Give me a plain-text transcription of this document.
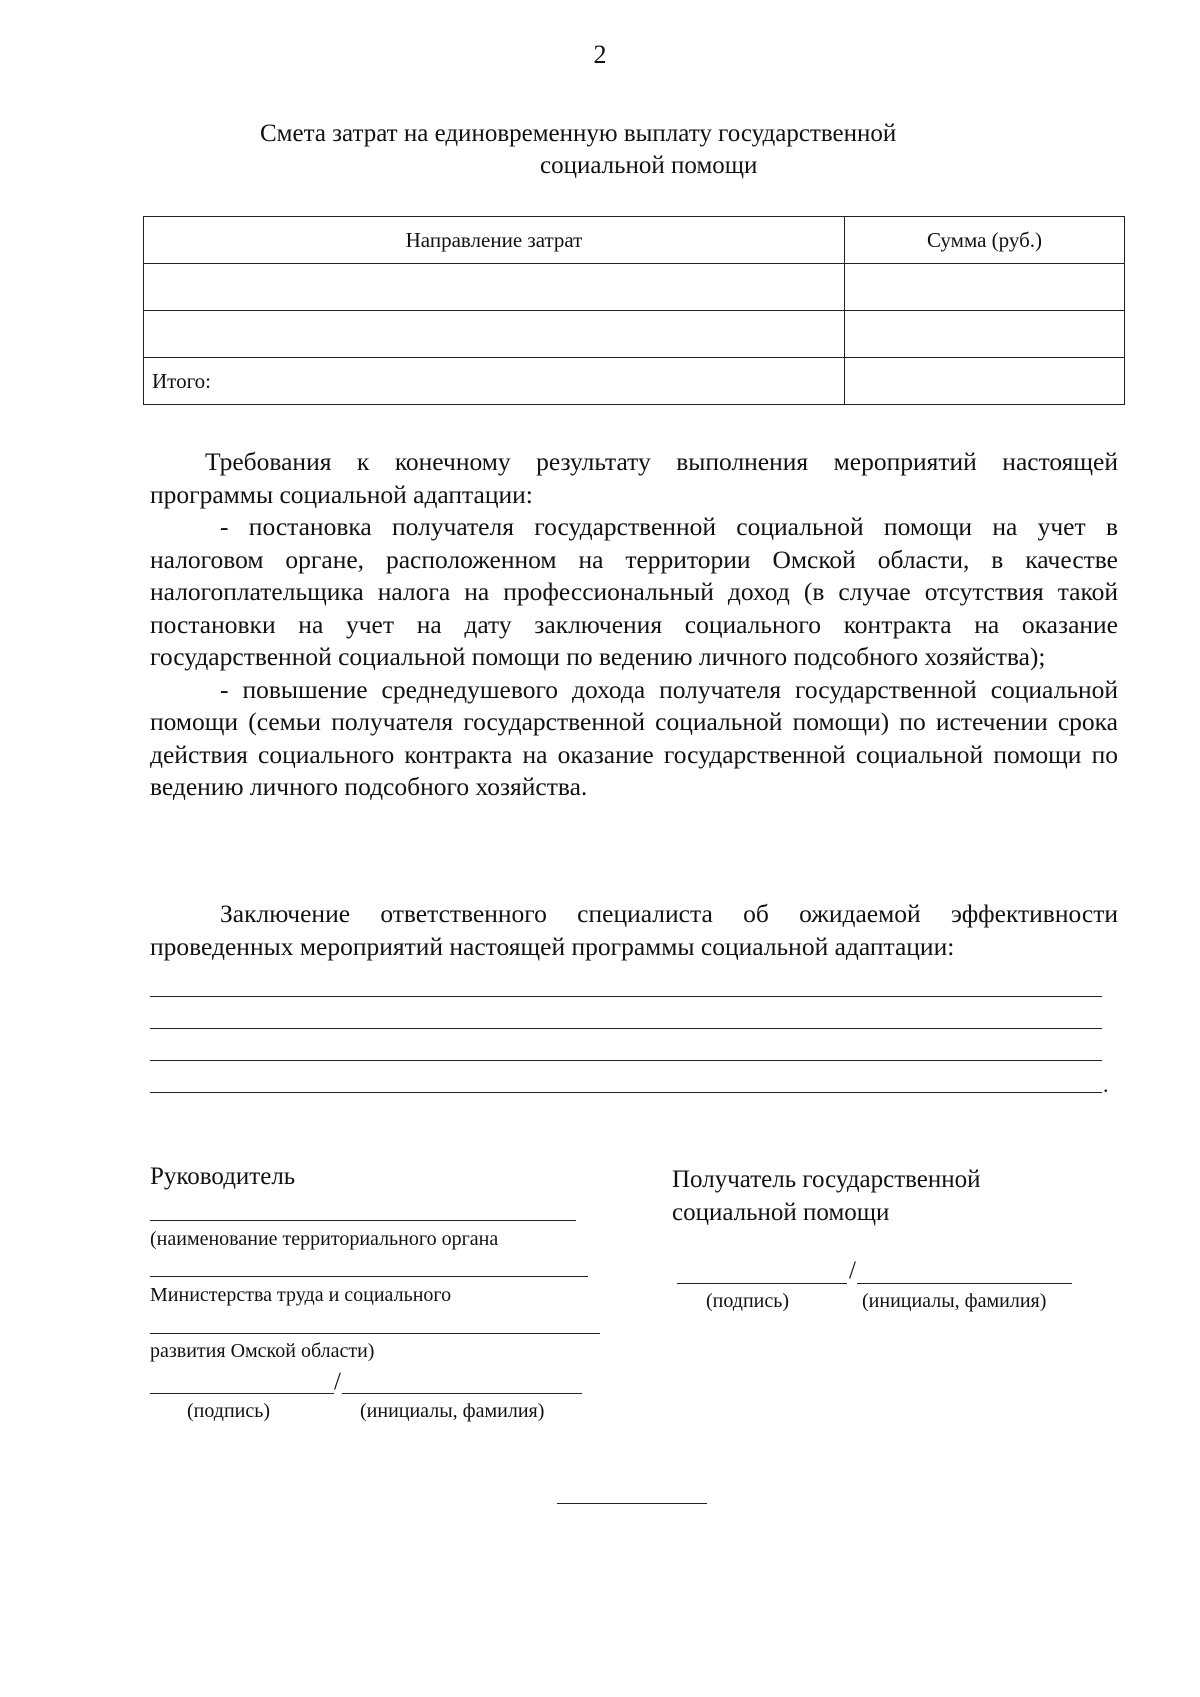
2
Смета затрат на единовременную выплату государственной
социальной помощи
Направление затрат	Сумма (руб.)

Итого:	

Требования к конечному результату выполнения мероприятий настоящей программы социальной адаптации:

- постановка получателя государственной социальной помощи на учет в налоговом органе, расположенном на территории Омской области, в качестве налогоплательщика налога на профессиональный доход (в случае отсутствия такой постановки на учет на дату заключения социального контракта на оказание государственной социальной помощи по ведению личного подсобного хозяйства);

- повышение среднедушевого дохода получателя государственной социальной помощи (семьи получателя государственной социальной помощи) по истечении срока действия социального контракта на оказание государственной социальной помощи по ведению личного подсобного хозяйства.

Заключение ответственного специалиста об ожидаемой эффективности проведенных мероприятий настоящей программы социальной адаптации:

.
Руководитель
(наименование территориального органа
Министерства труда и социального
развития Омской области)
/
(подпись)	(инициалы, фамилия)
Получатель государственной
социальной помощи
/
(подпись)	(инициалы, фамилия)
